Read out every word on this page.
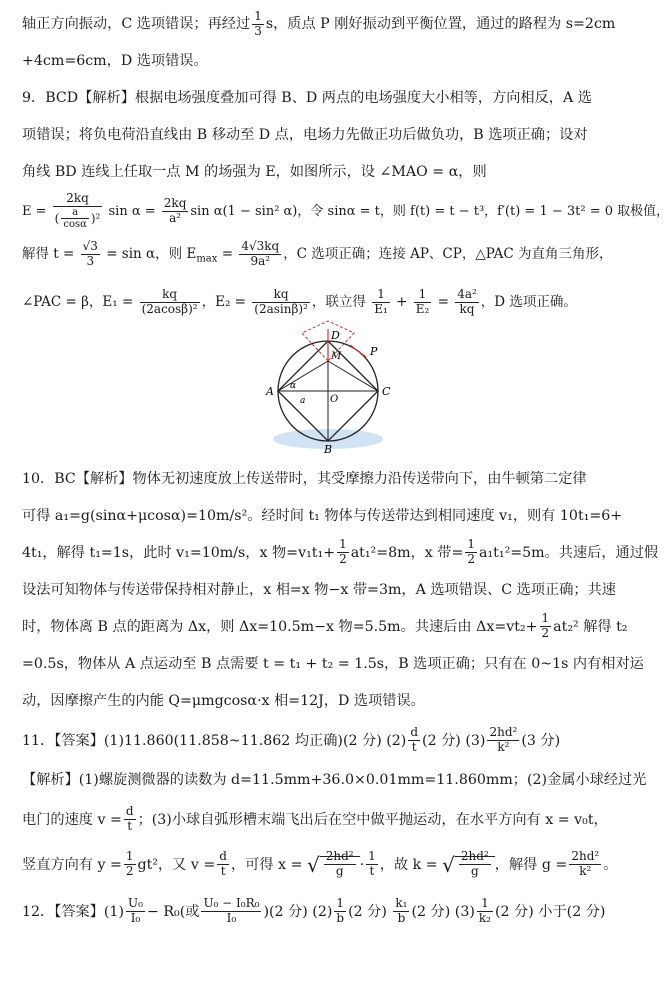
轴正方向振动，C 选项错误；再经过 $\frac{1}{3}$ s，质点 P 刚好振动到平衡位置，通过的路程为 s=2cm
+4cm=6cm，D 选项错误。
9．BCD【解析】根据电场强度叠加可得 B、D 两点的电场强度大小相等，方向相反，A 选
项错误；将负电荷沿直线由 B 移动至 D 点，电场力先做正功后做负功，B 选项正确；设对
角线 BD 连线上任取一点 M 的场强为 E，如图所示，设 ∠MAO = α，则
$E = \frac{2kq}{( \frac{a}{\cos\alpha} )^2}$ $\sin \alpha = \frac{2kq}{\text{a²}}$ sin α(1 − sin² α)，令 sinα = t，则 f(t) = t − t³，f′(t) = 1 − 3t² = 0 取极值，
解得 $t = \frac{√3}{3} = \sin \alpha$，则 $E_{max} = \frac{4√3kq}{\text{9a²}}$ ，C 选项正确；连接 AP、CP，△PAC 为直角三角形，
∠PAC = β，$E_1 = \frac{kq}{\text{(2acosβ)²}}$ ，$E_2 = \frac{kq}{\text{(2asinβ)²}}$ ，联立得 $\frac{1}{\text{E₁}} + \frac{1}{\text{E₂}} = \frac{\text{4a²}}{kq}$ ，D 选项正确。
D
P
M
A	C
O
B
α
a
10．BC【解析】物体无初速度放上传送带时，其受摩擦力沿传送带向下，由牛顿第二定律
可得 a₁=g(sinα+μcosα)=10m/s²。经时间 t₁ 物体与传送带达到相同速度 v₁，则有 10t₁=6+
4t₁，解得 t₁=1s，此时 v₁=10m/s，x 物$=v_1t_1+ \frac{1}{2} at_1^2=8m$，x 带= $\frac{1}{2} a_1t_1^2=5m$。共速后，通过假
设法可知物体与传送带保持相对静止，x 相=x 物−x 带=3m，A 选项错误、C 选项正确；共速
时，物体离 B 点的距离为 Δx，则 Δx=10.5m−x 物=5.5m。共速后由 $\Delta x=vt_2+ \frac{1}{2} at_2^2$ 解得 t₂
=0.5s，物体从 A 点运动至 B 点需要 t = t₁ + t₂ = 1.5s，B 选项正确；只有在 0~1s 内有相对运
动，因摩擦产生的内能 Q=μmgcosα·x 相=12J，D 选项错误。
11．【答案】(1)11.860(11.858~11.862 均正确)(2 分) $(2) \frac{d}{t} (2$ 分) $(3) \frac{\text{2hd²}}{\text{k²}} (3$ 分)
【解析】(1)螺旋测微器的读数为 d=11.5mm+36.0×0.01mm=11.860mm；(2)金属小球经过光
电门的速度 $v = \frac{d}{t}$ ；(3)小球自弧形槽末端飞出后在空中做平抛运动，在水平方向有 x = v₀t，
竖直方向有 $y = \frac{1}{2} gt^2$，又 $v = \frac{d}{t}$ ，可得 x = √ $\frac{\text{2hd²}}{g} \cdot \frac{1}{t}$ ，故 k = √ $\frac{\text{2hd²}}{g}$ ，解得 $g = \frac{\text{2hd²}}{\text{k²}}$ 。
12．【答案】$(1) \frac{\text{U₀}}{\text{I₀}} - R_0$(或 $\frac{\text{U₀ − I₀R₀}}{\text{I₀}} )(2$ 分) $(2) \frac{1}{b} (2$ 分) $\frac{\text{k₁}}{b} (2$ 分) $(3) \frac{1}{\text{k₂}} (2$ 分) 小于(2 分)
